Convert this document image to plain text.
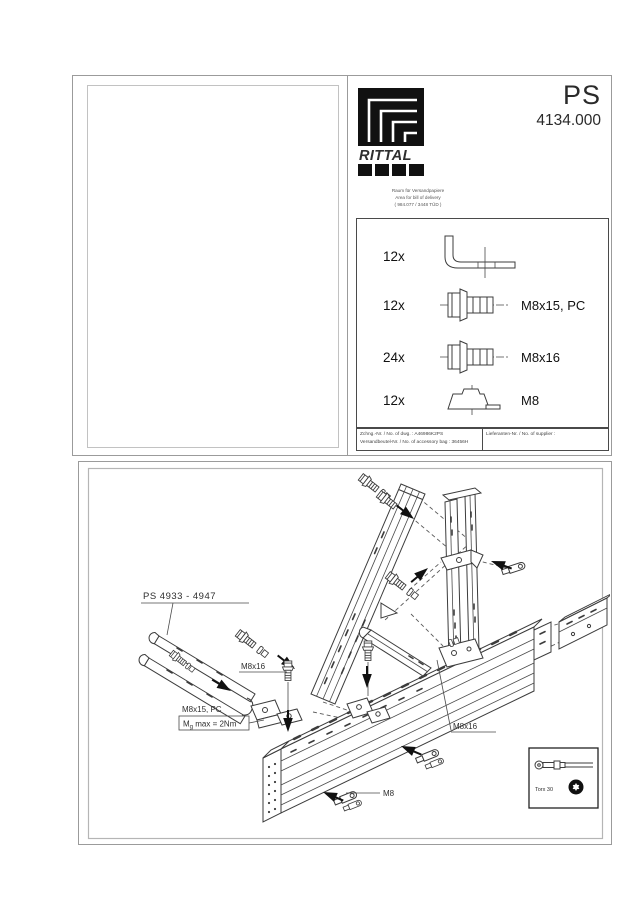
RITTAL
PS
4134.000
Raum für Versandpapiere
Area for bill of delivery
( 984.077 / 3448 TÜD )
12x
12x	M8x15, PC
24x	M8x16
12x	M8
Zchng.-Nr. / No. of dwg. : A46986K2PS
Versandbeutel-Nr. / No. of accessory bag : 36456H
Lieferanten-Nr. / No. of supplier :
PS 4933 - 4947
M8x16
M8x15, PC
$M_g$ max = 2Nm	M8x16
M8	Torx 30
